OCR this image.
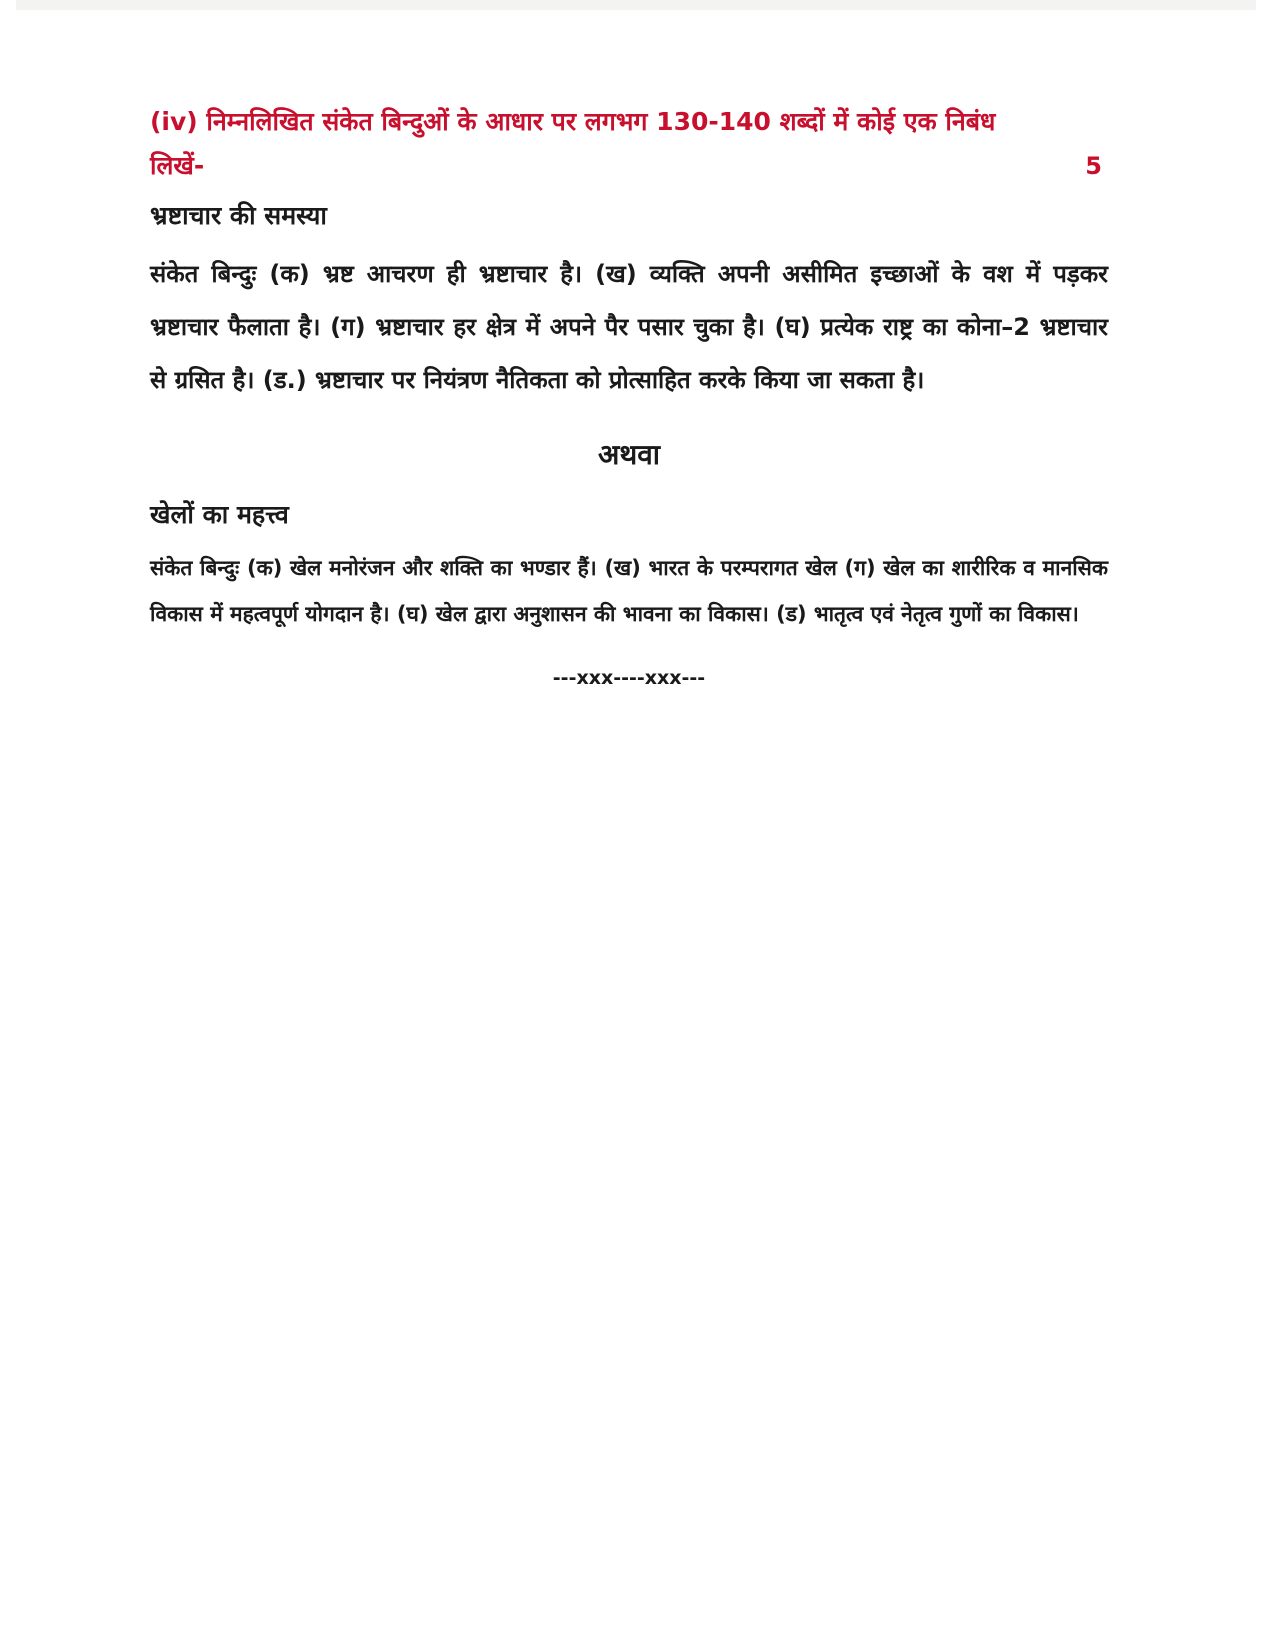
(iv) निम्नलिखित संकेत बिन्दुओं के आधार पर लगभग 130-140 शब्दों में कोई एक निबंध

लिखें-	5
भ्रष्टाचार की समस्या

संकेत बिन्दुः (क) भ्रष्ट आचरण ही भ्रष्टाचार है। (ख) व्यक्ति अपनी असीमित इच्छाओं के वश में पड़कर भ्रष्टाचार फैलाता है। (ग) भ्रष्टाचार हर क्षेत्र में अपने पैर पसार चुका है। (घ) प्रत्येक राष्ट्र का कोना–2 भ्रष्टाचार से ग्रसित है। (ड.) भ्रष्टाचार पर नियंत्रण नैतिकता को प्रोत्साहित करके किया जा सकता है।

अथवा
खेलों का महत्त्व

संकेत बिन्दुः (क) खेल मनोरंजन और शक्ति का भण्डार हैं। (ख) भारत के परम्परागत खेल (ग) खेल का शारीरिक व मानसिक विकास में महत्वपूर्ण योगदान है। (घ) खेल द्वारा अनुशासन की भावना का विकास। (ड) भातृत्व एवं नेतृत्व गुणों का विकास।

---xxx----xxx---
